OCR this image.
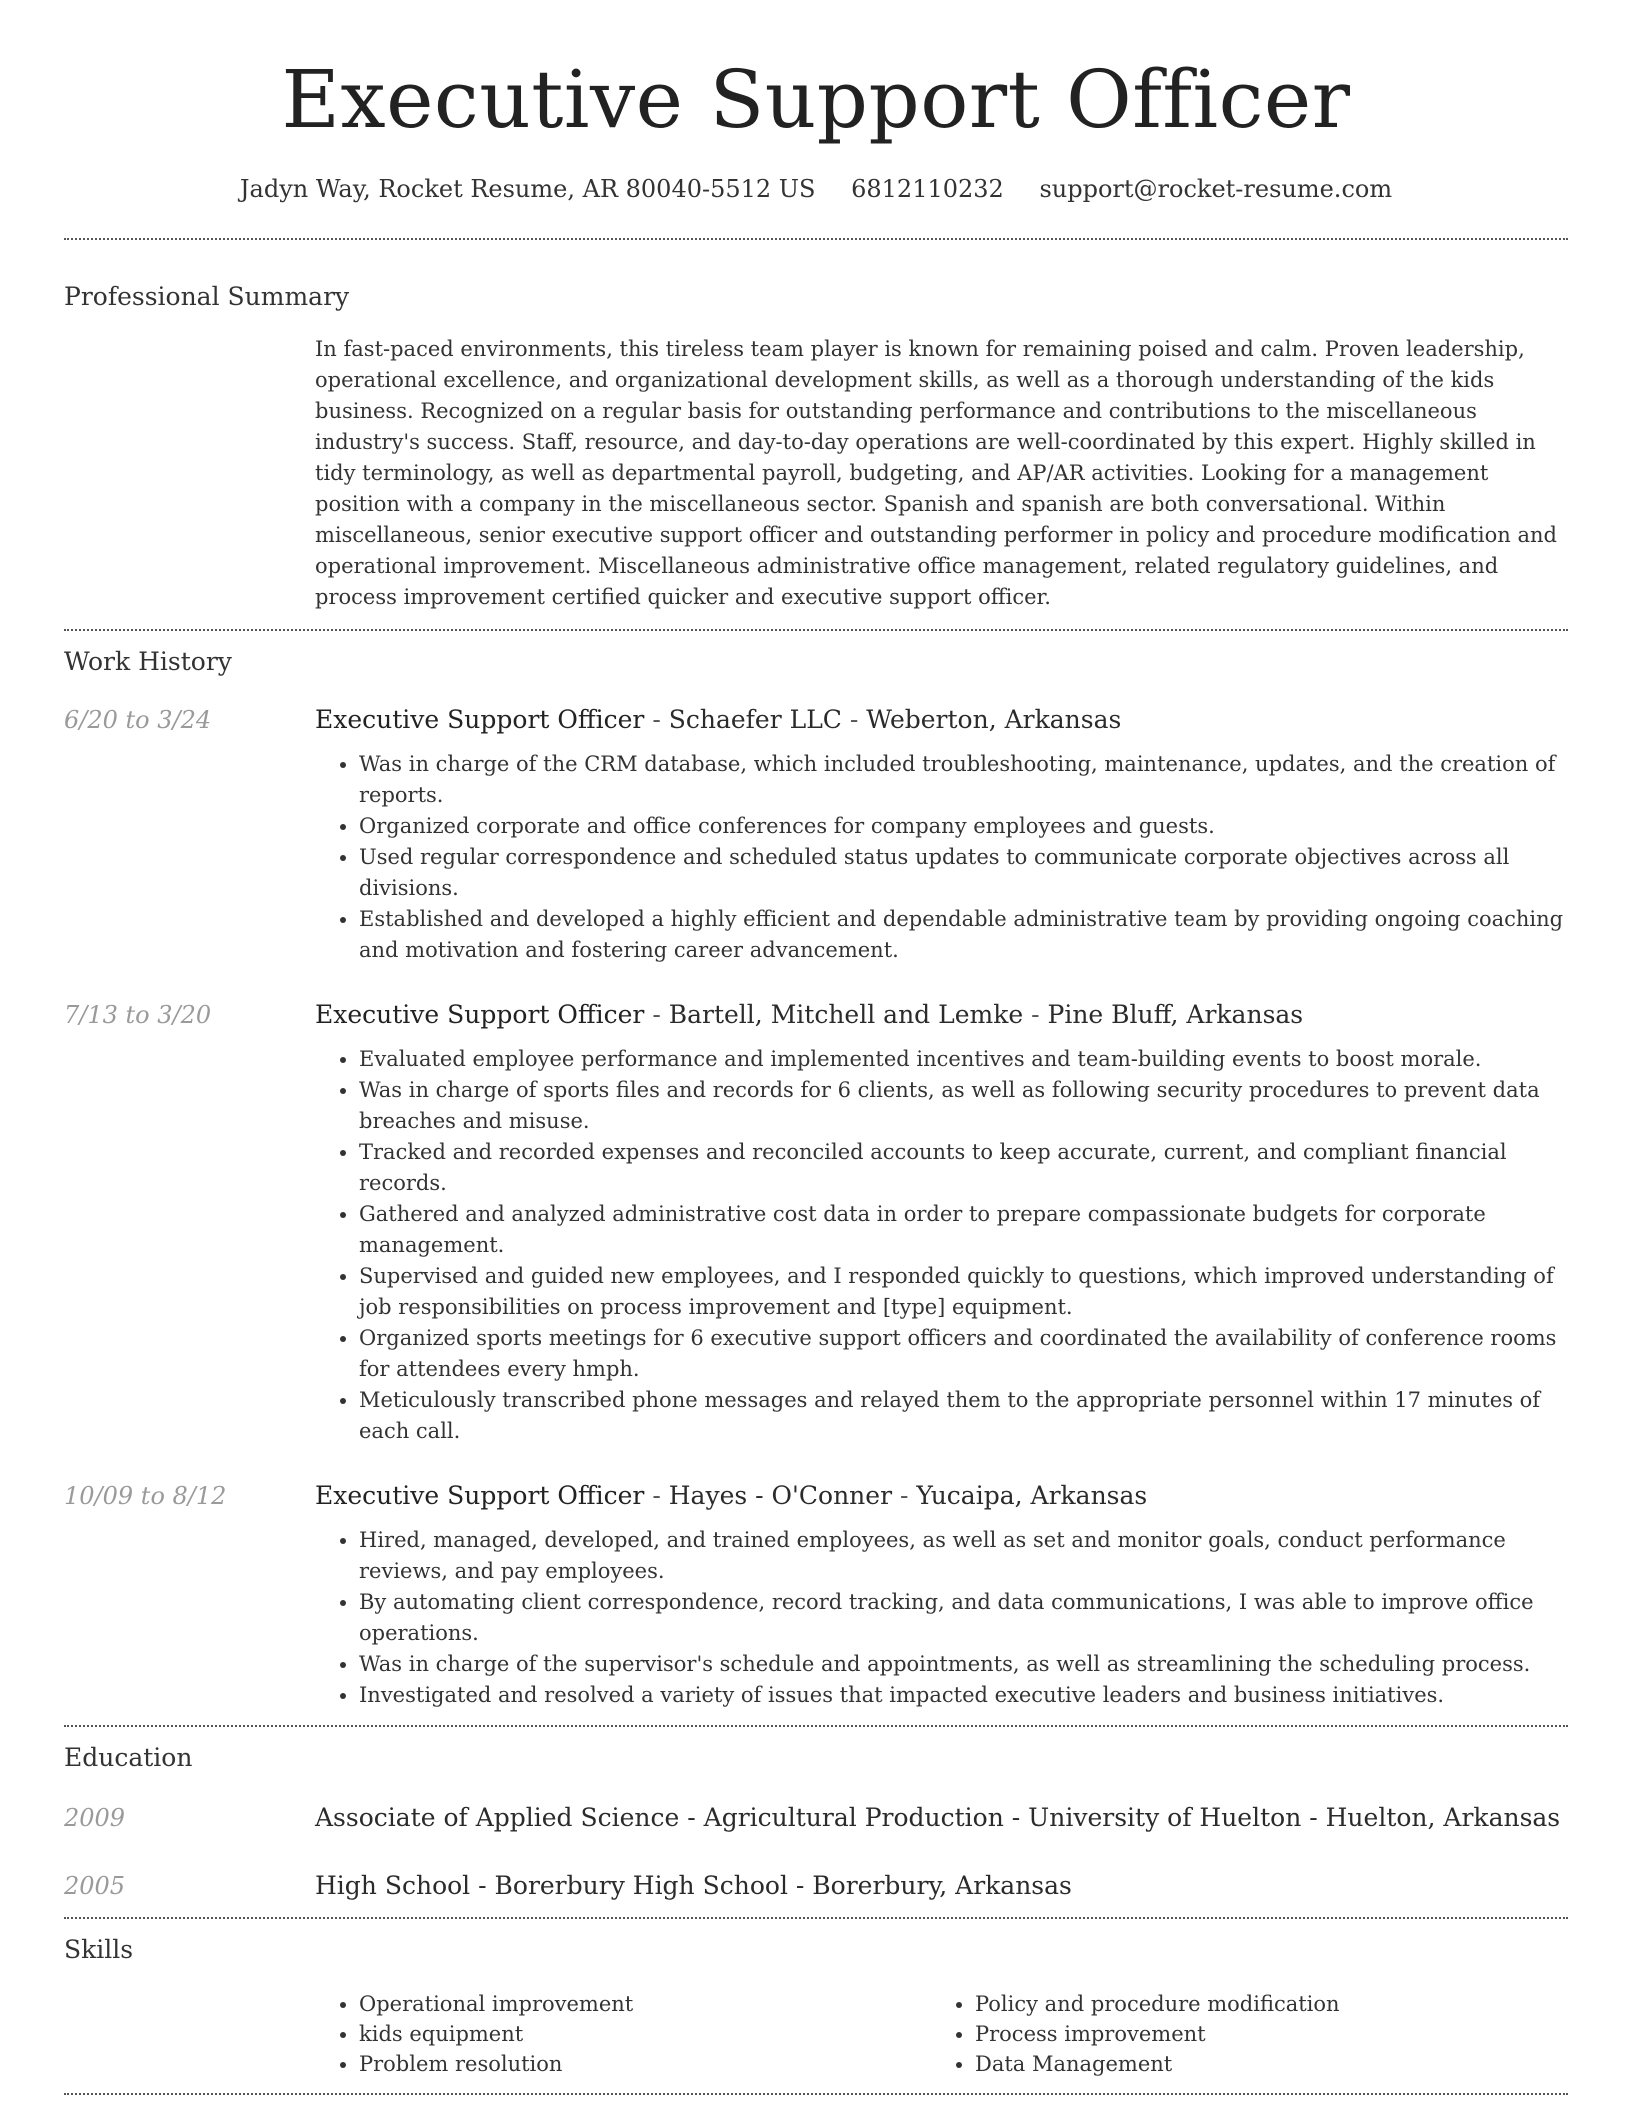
Executive Support Officer
Jadyn Way, Rocket Resume, AR 80040-5512 US 6812110232 support@rocket-resume.com
Professional Summary

In fast-paced environments, this tireless team player is known for remaining poised and calm. Proven leadership, operational excellence, and organizational development skills, as well as a thorough understanding of the kids business. Recognized on a regular basis for outstanding performance and contributions to the miscellaneous industry's success. Staff, resource, and day-to-day operations are well-coordinated by this expert. Highly skilled in tidy terminology, as well as departmental payroll, budgeting, and AP/AR activities. Looking for a management position with a company in the miscellaneous sector. Spanish and spanish are both conversational. Within miscellaneous, senior executive support officer and outstanding performer in policy and procedure modification and operational improvement. Miscellaneous administrative office management, related regulatory guidelines, and process improvement certified quicker and executive support officer.

Work History
6/20 to 3/24	Executive Support Officer - Schaefer LLC - Weberton, Arkansas
• Was in charge of the CRM database, which included troubleshooting, maintenance, updates, and the creation of reports.
• Organized corporate and office conferences for company employees and guests.
• Used regular correspondence and scheduled status updates to communicate corporate objectives across all divisions.
• Established and developed a highly efficient and dependable administrative team by providing ongoing coaching and motivation and fostering career advancement.
7/13 to 3/20	Executive Support Officer - Bartell, Mitchell and Lemke - Pine Bluff, Arkansas
• Evaluated employee performance and implemented incentives and team-building events to boost morale.
• Was in charge of sports files and records for 6 clients, as well as following security procedures to prevent data breaches and misuse.
• Tracked and recorded expenses and reconciled accounts to keep accurate, current, and compliant financial records.
• Gathered and analyzed administrative cost data in order to prepare compassionate budgets for corporate management.
• Supervised and guided new employees, and I responded quickly to questions, which improved understanding of job responsibilities on process improvement and [type] equipment.
• Organized sports meetings for 6 executive support officers and coordinated the availability of conference rooms for attendees every hmph.
• Meticulously transcribed phone messages and relayed them to the appropriate personnel within 17 minutes of each call.
10/09 to 8/12	Executive Support Officer - Hayes - O'Conner - Yucaipa, Arkansas
• Hired, managed, developed, and trained employees, as well as set and monitor goals, conduct performance reviews, and pay employees.
• By automating client correspondence, record tracking, and data communications, I was able to improve office operations.
• Was in charge of the supervisor's schedule and appointments, as well as streamlining the scheduling process.
• Investigated and resolved a variety of issues that impacted executive leaders and business initiatives.
Education
2009	Associate of Applied Science - Agricultural Production - University of Huelton - Huelton, Arkansas
2005	High School - Borerbury High School - Borerbury, Arkansas
Skills
• Operational improvement
• kids equipment
• Problem resolution
• Policy and procedure modification
• Process improvement
• Data Management
